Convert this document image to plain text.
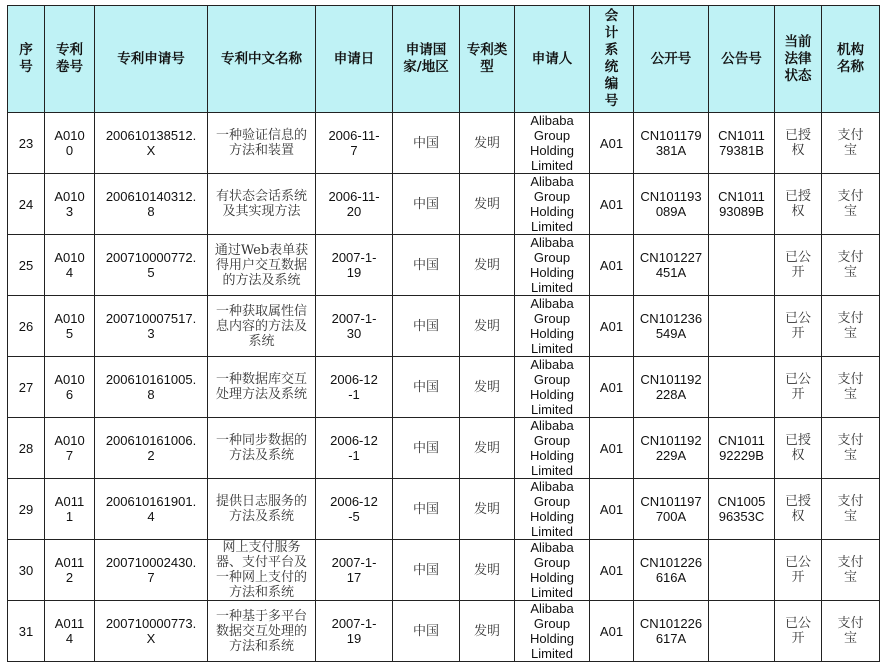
序号	专利卷号	专利申请号	专利中文名称	申请日	申请国家/地区	专利类型	申请人	会计系统编号	公开号	公告号	当前法律状态	机构名称

23	A0100	200610138512.X	一种验证信息的方法和装置	2006-11-7	中国	发明	Alibaba Group Holding Limited	A01	CN101179381A	CN101179381B	已授权	支付宝

24	A0103	200610140312.8	有状态会话系统及其实现方法	2006-11-20	中国	发明	Alibaba Group Holding Limited	A01	CN101193089A	CN101193089B	已授权	支付宝

25	A0104	200710000772.5	通过Web表单获得用户交互数据的方法及系统	2007-1-19	中国	发明	Alibaba Group Holding Limited	A01	CN101227451A		已公开	支付宝

26	A0105	200710007517.3	一种获取属性信息内容的方法及系统	2007-1-30	中国	发明	Alibaba Group Holding Limited	A01	CN101236549A		已公开	支付宝

27	A0106	200610161005.8	一种数据库交互处理方法及系统	2006-12-1	中国	发明	Alibaba Group Holding Limited	A01	CN101192228A		已公开	支付宝

28	A0107	200610161006.2	一种同步数据的方法及系统	2006-12-1	中国	发明	Alibaba Group Holding Limited	A01	CN101192229A	CN101192229B	已授权	支付宝

29	A0111	200610161901.4	提供日志服务的方法及系统	2006-12-5	中国	发明	Alibaba Group Holding Limited	A01	CN101197700A	CN100596353C	已授权	支付宝

30	A0112	200710002430.7	网上支付服务器、支付平台及一种网上支付的方法和系统	2007-1-17	中国	发明	Alibaba Group Holding Limited	A01	CN101226616A		已公开	支付宝

31	A0114	200710000773.X	一种基于多平台数据交互处理的方法和系统	2007-1-19	中国	发明	Alibaba Group Holding Limited	A01	CN101226617A		已公开	支付宝
